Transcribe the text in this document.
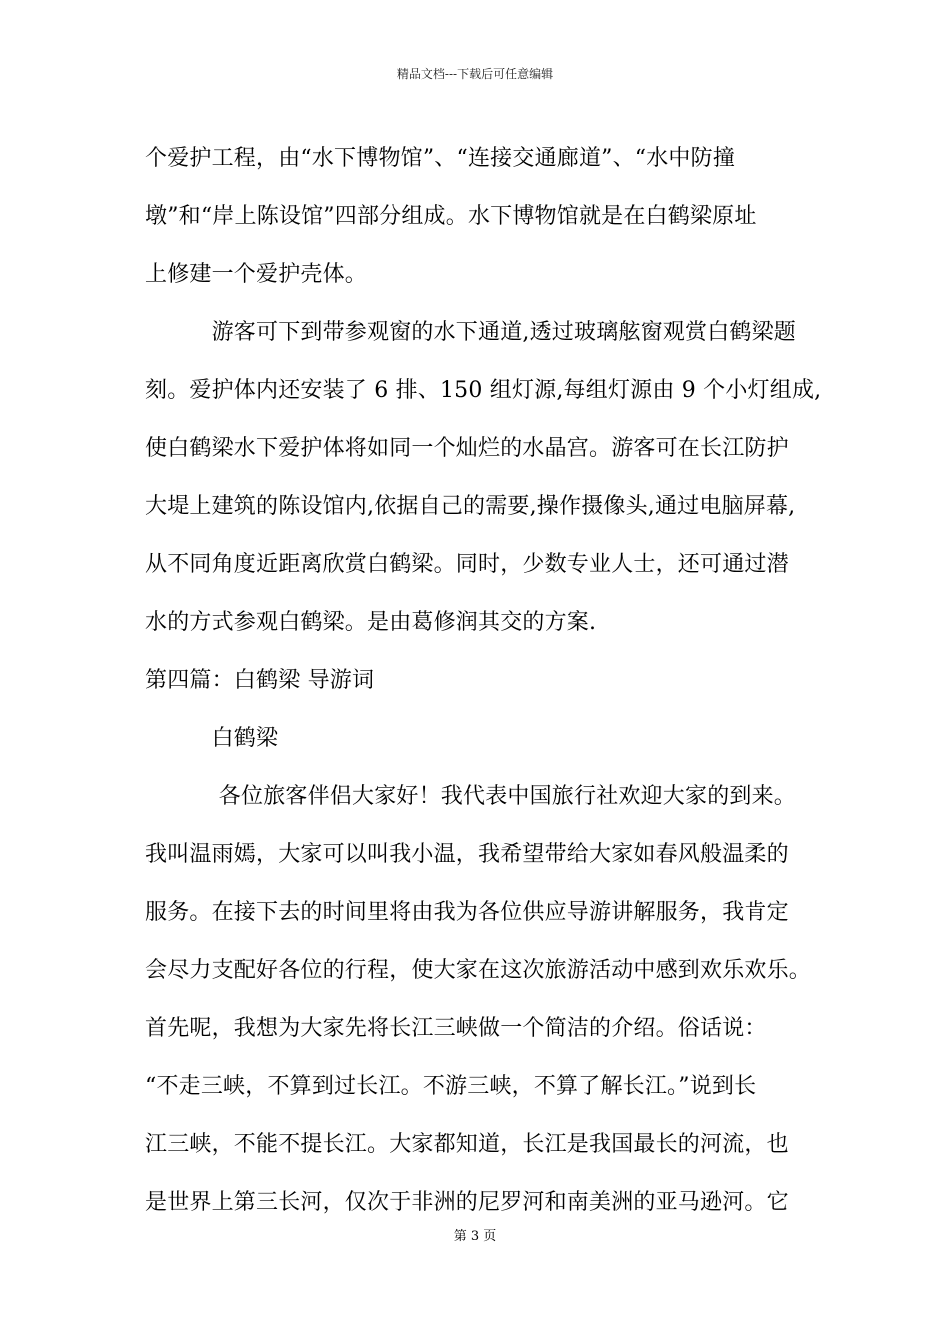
精品文档---下载后可任意编辑
个爱护工程，由“水下博物馆”、“连接交通廊道”、“水中防撞
墩”和“岸上陈设馆”四部分组成。水下博物馆就是在白鹤梁原址
上修建一个爱护壳体。
　　　游客可下到带参观窗的水下通道,透过玻璃舷窗观赏白鹤梁题
刻。爱护体内还安装了 6 排、150 组灯源,每组灯源由 9 个小灯组成,
使白鹤梁水下爱护体将如同一个灿烂的水晶宫。游客可在长江防护
大堤上建筑的陈设馆内,依据自己的需要,操作摄像头,通过电脑屏幕,
从不同角度近距离欣赏白鹤梁。同时，少数专业人士，还可通过潜
水的方式参观白鹤梁。是由葛修润其交的方案.
第四篇：白鹤梁 导游词
　　　白鹤梁
　　　 各位旅客伴侣大家好！我代表中国旅行社欢迎大家的到来。
我叫温雨嫣，大家可以叫我小温，我希望带给大家如春风般温柔的
服务。在接下去的时间里将由我为各位供应导游讲解服务，我肯定
会尽力支配好各位的行程，使大家在这次旅游活动中感到欢乐欢乐。
首先呢，我想为大家先将长江三峡做一个简洁的介绍。俗话说：
“不走三峡，不算到过长江。不游三峡，不算了解长江。”说到长
江三峡，不能不提长江。大家都知道，长江是我国最长的河流，也
是世界上第三长河，仅次于非洲的尼罗河和南美洲的亚马逊河。它
第 3 页
